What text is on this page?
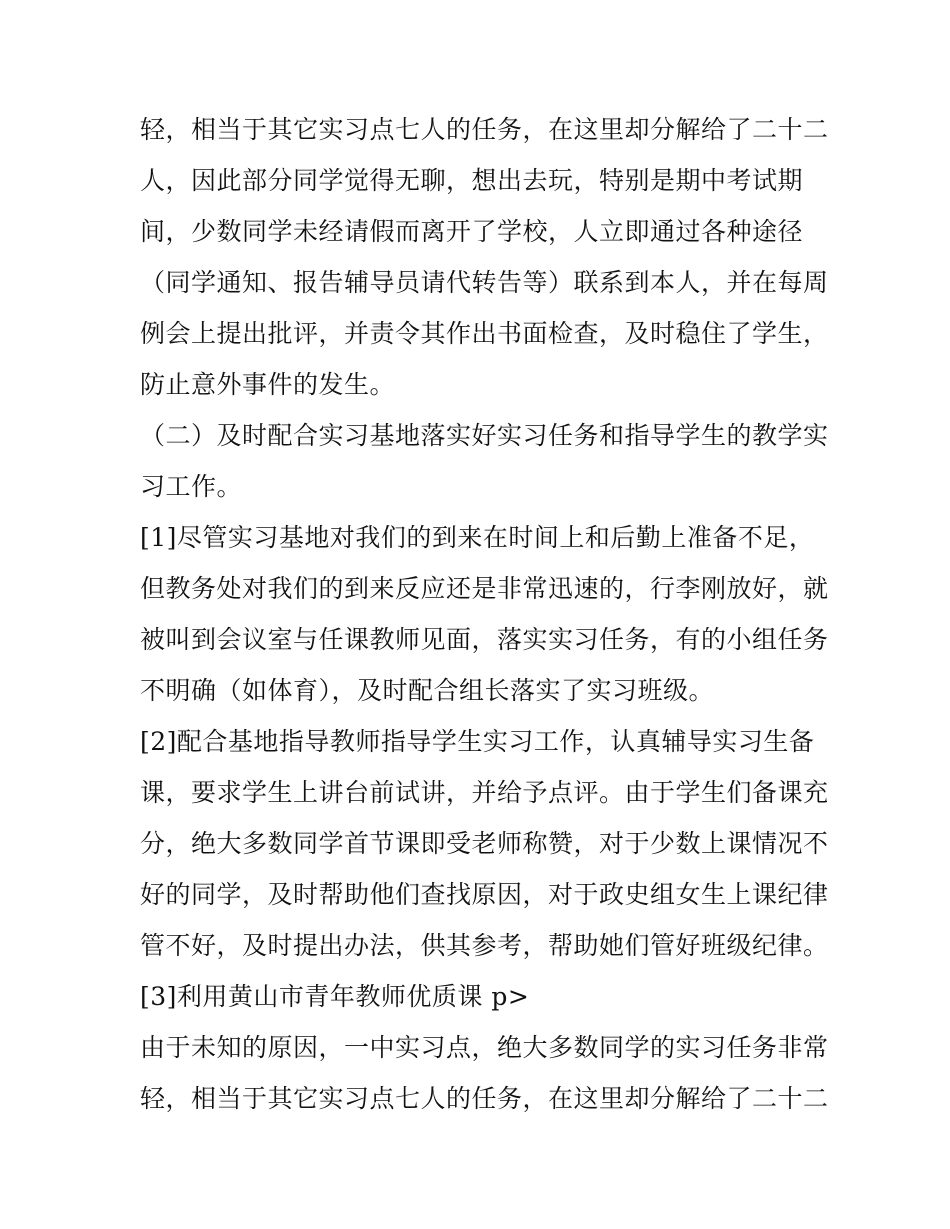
轻，相当于其它实习点七人的任务，在这里却分解给了二十二
人，因此部分同学觉得无聊，想出去玩，特别是期中考试期
间，少数同学未经请假而离开了学校，人立即通过各种途径
（同学通知、报告辅导员请代转告等）联系到本人，并在每周
例会上提出批评，并责令其作出书面检查，及时稳住了学生，
防止意外事件的发生。
（二）及时配合实习基地落实好实习任务和指导学生的教学实
习工作。
[1]尽管实习基地对我们的到来在时间上和后勤上准备不足，
但教务处对我们的到来反应还是非常迅速的，行李刚放好，就
被叫到会议室与任课教师见面，落实实习任务，有的小组任务
不明确（如体育），及时配合组长落实了实习班级。
[2]配合基地指导教师指导学生实习工作，认真辅导实习生备
课，要求学生上讲台前试讲，并给予点评。由于学生们备课充
分，绝大多数同学首节课即受老师称赞，对于少数上课情况不
好的同学，及时帮助他们查找原因，对于政史组女生上课纪律
管不好，及时提出办法，供其参考，帮助她们管好班级纪律。
[3]利用黄山市青年教师优质课 p>
由于未知的原因，一中实习点，绝大多数同学的实习任务非常
轻，相当于其它实习点七人的任务，在这里却分解给了二十二
